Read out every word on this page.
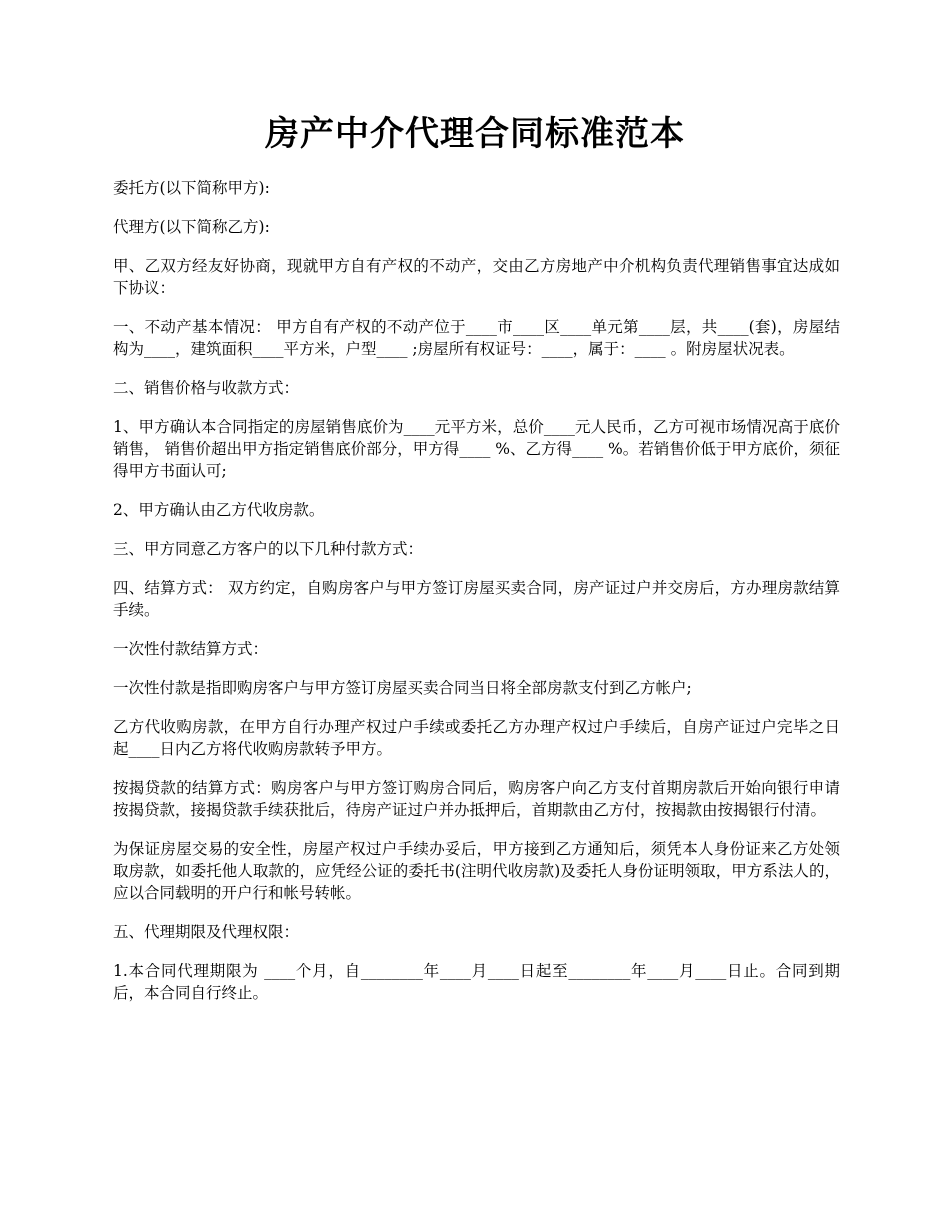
房产中介代理合同标准范本

委托方(以下简称甲方):

代理方(以下简称乙方):

甲、乙双方经友好协商，现就甲方自有产权的不动产，交由乙方房地产中介机构负责代理销售事宜达成如下协议：

一、不动产基本情况： 甲方自有产权的不动产位于____市____区____单元第____层，共____(套)，房屋结构为____，建筑面积____平方米，户型____ ;房屋所有权证号：____，属于：____ 。附房屋状况表。

二、销售价格与收款方式：

1、甲方确认本合同指定的房屋销售底价为____元平方米，总价____元人民币，乙方可视市场情况高于底价销售， 销售价超出甲方指定销售底价部分，甲方得____ %、乙方得____ %。若销售价低于甲方底价，须征得甲方书面认可;

2、甲方确认由乙方代收房款。

三、甲方同意乙方客户的以下几种付款方式：

四、结算方式： 双方约定，自购房客户与甲方签订房屋买卖合同，房产证过户并交房后，方办理房款结算手续。

一次性付款结算方式：

一次性付款是指即购房客户与甲方签订房屋买卖合同当日将全部房款支付到乙方帐户;

乙方代收购房款，在甲方自行办理产权过户手续或委托乙方办理产权过户手续后，自房产证过户完毕之日起____日内乙方将代收购房款转予甲方。

按揭贷款的结算方式：购房客户与甲方签订购房合同后，购房客户向乙方支付首期房款后开始向银行申请按揭贷款，接揭贷款手续获批后，待房产证过户并办抵押后，首期款由乙方付，按揭款由按揭银行付清。

为保证房屋交易的安全性，房屋产权过户手续办妥后，甲方接到乙方通知后，须凭本人身份证来乙方处领取房款，如委托他人取款的，应凭经公证的委托书(注明代收房款)及委托人身份证明领取，甲方系法人的，应以合同载明的开户行和帐号转帐。

五、代理期限及代理权限：

1.本合同代理期限为 ____个月，自________年____月____日起至________年____月____日止。合同到期后，本合同自行终止。
